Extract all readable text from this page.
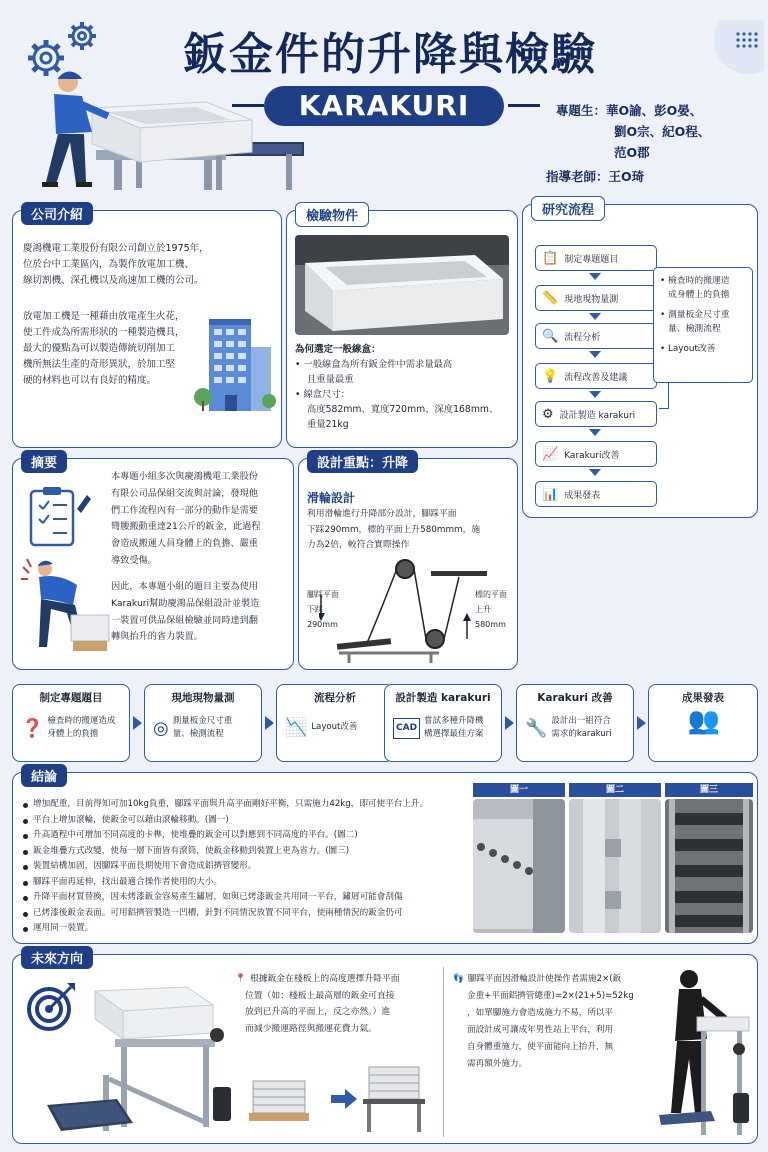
鈑金件的升降與檢驗
KARAKURI	專題生： 華O諭、彭O晏、
劉O宗、紀O程、
范O郡
指導老師： 王O琦
公司介紹
慶鴻機電工業股份有限公司創立於1975年，
位於台中工業區內，為製作放電加工機、
線切割機、深孔機以及高速加工機的公司。
放電加工機是一種藉由放電產生火花，
使工件成為所需形狀的一種製造機具，
最大的優點為可以製造傳統切削加工
機所無法生產的奇形異狀，於加工堅
硬的材料也可以有良好的精度。
檢驗物件
為何選定一般線盒：
• 一般線盒為所有鈑金件中需求量最高
且重量最重
• 線盒尺寸：
高度582mm、寬度720mm、深度168mm、
重量21kg
研究流程
📋 制定專題題目
📏 現地現物量測
🔍 流程分析
💡 流程改善及建議
⚙ 設計製造 karakuri
📈 Karakuri改善
📊 成果發表
• 檢查時的搬運造
成身體上的負擔
• 測量板金尺寸重
量、檢測流程
• Layout改善
摘要
本專題小組多次與慶鴻機電工業股份
有限公司品保組交流與討論，發現他
們工作流程內有一部分的動作是需要
彎腰搬動重達21公斤的鈑金，此過程
會造成搬運人員身體上的負擔、嚴重
導致受傷。
因此，本專題小組的題目主要為使用
Karakuri幫助慶鴻品保組設計並製造
一裝置可供品保組檢驗並同時達到翻
轉與抬升的省力裝置。
設計重點：升降
滑輪設計
利用滑輪進行升降部分設計，腳踩平面
下踩290mm，標的平面上升580mmm，施
力為2倍，較符合實際操作
腳踩平面
下踩
290mm
標的平面
上升
580mm
制定專題題目
❓ 檢查時的搬運造成
身體上的負擔
現地現物量測
◎ 測量板金尺寸重
量、檢測流程
流程分析
📉 Layout改善
設計製造 karakuri
CAD
嘗試多種升降機
構選擇最佳方案
Karakuri 改善
🔧 設計出一組符合
需求的karakuri
成果發表
👥
結論
增加配重，目前得知可加10kg負重，腳踩平面與升高平面剛好平衡，只需施力42kg，即可使平台上升。
平台上增加滾輪，使鈑金可以藉由滾輪移動。(圖一)
升高過程中可增加不同高度的卡榫，使堆疊的鈑金可以對應到不同高度的平台。(圖二)
鈑金堆疊方式改變，使每一層下面皆有滾筒，使鈑金移動到裝置上更為省力。(圖三)
裝置結構加固，因腳踩平面長期使用下會造成鋁擠管變形。
腳踩平面再延伸，找出最適合操作者使用的大小。
升降平面材質替換，因未烤漆鈑金容易產生鏽屑，如與已烤漆鈑金共用同一平台，鏽屑可能會刮傷
已烤漆後鈑金表面。可用鋁擠管製造一凹槽，針對不同情況放置不同平台，使兩種情況的鈑金仍可
運用同一裝置。
圖一	圖二	圖三
未來方向
📍 根據鈑金在棧板上的高度選擇升降平面
位置（如：棧板上最高層的鈑金可直接
放到已升高的平面上，反之亦然。）進
而減少搬運路徑與搬運花費力氣。
👣 腳踩平面因滑輪設計使操作者需施2×(鈑
金重+平面鋁擠管總重)=2×(21+5)=52kg
，如單腳施力會造成施力不易，所以平
面設計成可讓成年男性站上平台，利用
自身體重施力，使平面能向上抬升，無
需再額外施力。
